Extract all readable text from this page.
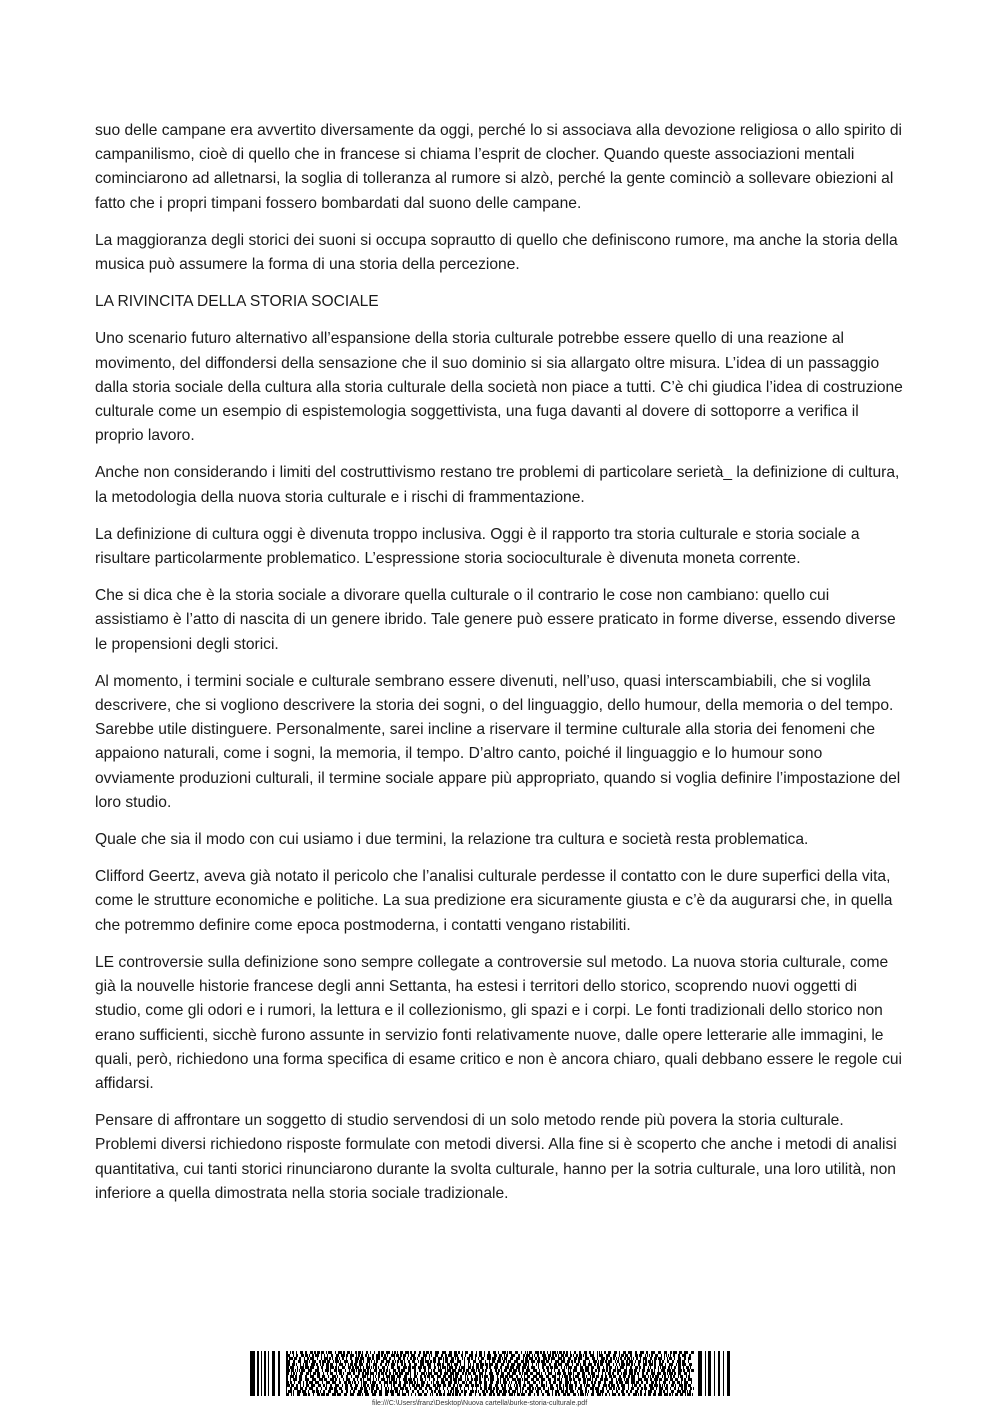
suo delle campane era avvertito diversamente da oggi, perché lo si associava alla devozione religiosa o allo spirito di campanilismo, cioè di quello che in francese si chiama l’esprit de clocher. Quando queste associazioni mentali cominciarono ad alletnarsi, la soglia di tolleranza al rumore si alzò, perché la gente cominciò a sollevare obiezioni al fatto che i propri timpani fossero bombardati dal suono delle campane.

La maggioranza degli storici dei suoni si occupa soprautto di quello che definiscono rumore, ma anche la storia della musica può assumere la forma di una storia della percezione.

LA RIVINCITA DELLA STORIA SOCIALE

Uno scenario futuro alternativo all’espansione della storia culturale potrebbe essere quello di una reazione al movimento, del diffondersi della sensazione che il suo dominio si sia allargato oltre misura. L’idea di un passaggio dalla storia sociale della cultura alla storia culturale della società non piace a tutti. C’è chi giudica l’idea di costruzione culturale come un esempio di espistemologia soggettivista, una fuga davanti al dovere di sottoporre a verifica il proprio lavoro.

Anche non considerando i limiti del costruttivismo restano tre problemi di particolare serietà_ la definizione di cultura, la metodologia della nuova storia culturale e i rischi di frammentazione.

La definizione di cultura oggi è divenuta troppo inclusiva. Oggi è il rapporto tra storia culturale e storia sociale a risultare particolarmente problematico. L’espressione storia socioculturale è divenuta moneta corrente.

Che si dica che è la storia sociale a divorare quella culturale o il contrario le cose non cambiano: quello cui assistiamo è l’atto di nascita di un genere ibrido. Tale genere può essere praticato in forme diverse, essendo diverse le propensioni degli storici.

Al momento, i termini sociale e culturale sembrano essere divenuti, nell’uso, quasi interscambiabili, che si voglila descrivere, che si vogliono descrivere la storia dei sogni, o del linguaggio, dello humour, della memoria o del tempo. Sarebbe utile distinguere. Personalmente, sarei incline a riservare il termine culturale alla storia dei fenomeni che appaiono naturali, come i sogni, la memoria, il tempo. D’altro canto, poiché il linguaggio e lo humour sono ovviamente produzioni culturali, il termine sociale appare più appropriato, quando si voglia definire l’impostazione del loro studio.

Quale che sia il modo con cui usiamo i due termini, la relazione tra cultura e società resta problematica.

Clifford Geertz, aveva già notato il pericolo che l’analisi culturale perdesse il contatto con le dure superfici della vita, come le strutture economiche e politiche. La sua predizione era sicuramente giusta e c’è da augurarsi che, in quella che potremmo definire come epoca postmoderna, i contatti vengano ristabiliti.

LE controversie sulla definizione sono sempre collegate a controversie sul metodo. La nuova storia culturale, come già la nouvelle historie francese degli anni Settanta, ha estesi i territori dello storico, scoprendo nuovi oggetti di studio, come gli odori e i rumori, la lettura e il collezionismo, gli spazi e i corpi. Le fonti tradizionali dello storico non erano sufficienti, sicchè furono assunte in servizio fonti relativamente nuove, dalle opere letterarie alle immagini, le quali, però, richiedono una forma specifica di esame critico e non è ancora chiaro, quali debbano essere le regole cui affidarsi.

Pensare di affrontare un soggetto di studio servendosi di un solo metodo rende più povera la storia culturale. Problemi diversi richiedono risposte formulate con metodi diversi. Alla fine si è scoperto che anche i metodi di analisi quantitativa, cui tanti storici rinunciarono durante la svolta culturale, hanno per la sotria culturale, una loro utilità, non inferiore a quella dimostrata nella storia sociale tradizionale.

file:///C:\Users\franz\Desktop\Nuova cartella\burke-storia-culturale.pdf
